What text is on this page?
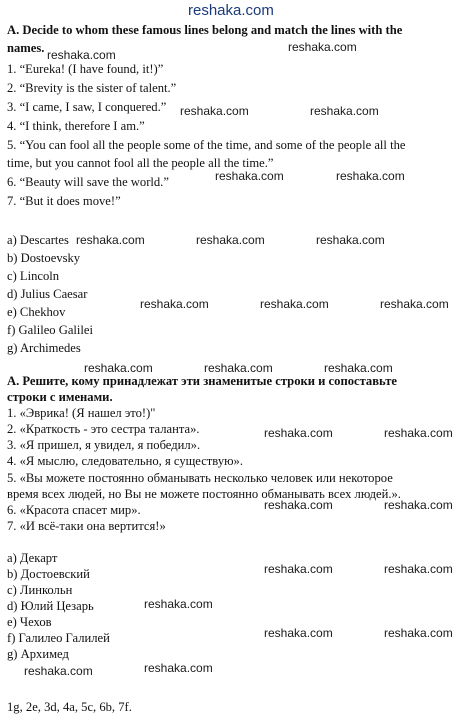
reshaka.com
A. Decide to whom these famous lines belong and match the lines with the
names.
1. “Eureka! (I have found, it!)”
2. “Brevity is the sister of talent.”
3. “I came, I saw, I conquered.”
4. “I think, therefore I am.”
5. “You can fool all the people some of the time, and some of the people all the
time, but you cannot fool all the people all the time.”
6. “Beauty will save the world.”
7. “But it does move!”
a) Descartes
b) Dostoevsky
c) Lincoln
d) Julius Caesar
e) Chekhov
f) Galileo Galilei
g) Archimedes
А. Решите, кому принадлежат эти знаменитые строки и сопоставьте
строки с именами.
1. «Эврика! (Я нашел это!)"
2. «Краткость - это сестра таланта».
3. «Я пришел, я увидел, я победил».
4. «Я мыслю, следовательно, я существую».
5. «Вы можете постоянно обманывать несколько человек или некоторое
время всех людей, но Вы не можете постоянно обманывать всех людей.».
6. «Красота спасет мир».
7. «И всё-таки она вертится!»
а) Декарт
b) Достоевский
c) Линкольн
d) Юлий Цезарь
e) Чехов
f) Галилео Галилей
g) Архимед
1g, 2e, 3d, 4a, 5c, 6b, 7f.
reshaka.com
reshaka.com
reshaka.com	reshaka.com
reshaka.com	reshaka.com
reshaka.com	reshaka.com	reshaka.com
reshaka.com	reshaka.com	reshaka.com
reshaka.com	reshaka.com	reshaka.com
reshaka.com	reshaka.com
reshaka.com	reshaka.com
reshaka.com	reshaka.com
reshaka.com
reshaka.com	reshaka.com
reshaka.com	reshaka.com
